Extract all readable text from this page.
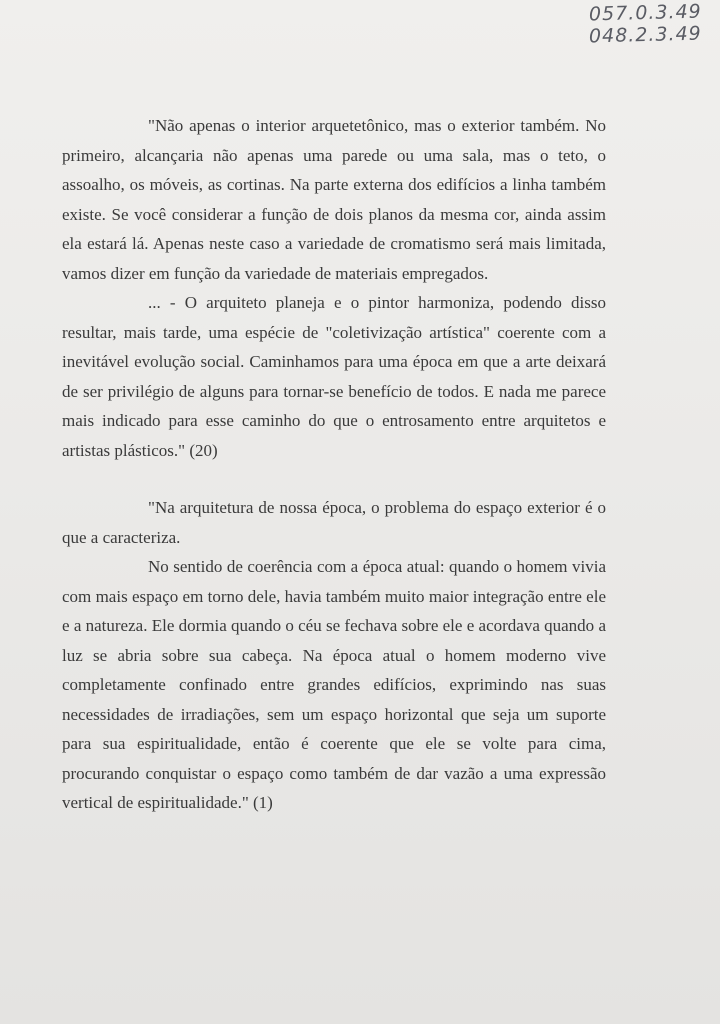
057.0.3.49
048.2.3.49

"Não apenas o interior arquetetônico, mas o exterior também. No primeiro, alcançaria não apenas uma parede ou uma sala, mas o teto, o assoalho, os móveis, as cortinas. Na parte externa dos edifícios a linha também existe. Se você considerar a função de dois planos da mesma cor, ainda assim ela estará lá. Apenas neste caso a variedade de cromatismo será mais limitada, vamos dizer em função da variedade de materiais empregados.

... - O arquiteto planeja e o pintor harmoniza, podendo disso resultar, mais tarde, uma espécie de "coletivização artística" coerente com a inevitável evolução social. Caminhamos para uma época em que a arte deixará de ser privilégio de alguns para tornar-se benefício de todos. E nada me parece mais indicado para esse caminho do que o entrosamento entre arquitetos e artistas plásticos." (20)

"Na arquitetura de nossa época, o problema do espaço exterior é o que a caracteriza.

No sentido de coerência com a época atual: quando o homem vivia com mais espaço em torno dele, havia também muito maior integração entre ele e a natureza. Ele dormia quando o céu se fechava sobre ele e acordava quando a luz se abria sobre sua cabeça. Na época atual o homem moderno vive completamente confinado entre grandes edifícios, exprimindo nas suas necessidades de irradiações, sem um espaço horizontal que seja um suporte para sua espiritualidade, então é coerente que ele se volte para cima, procurando conquistar o espaço como também de dar vazão a uma expressão vertical de espiritualidade." (1)
